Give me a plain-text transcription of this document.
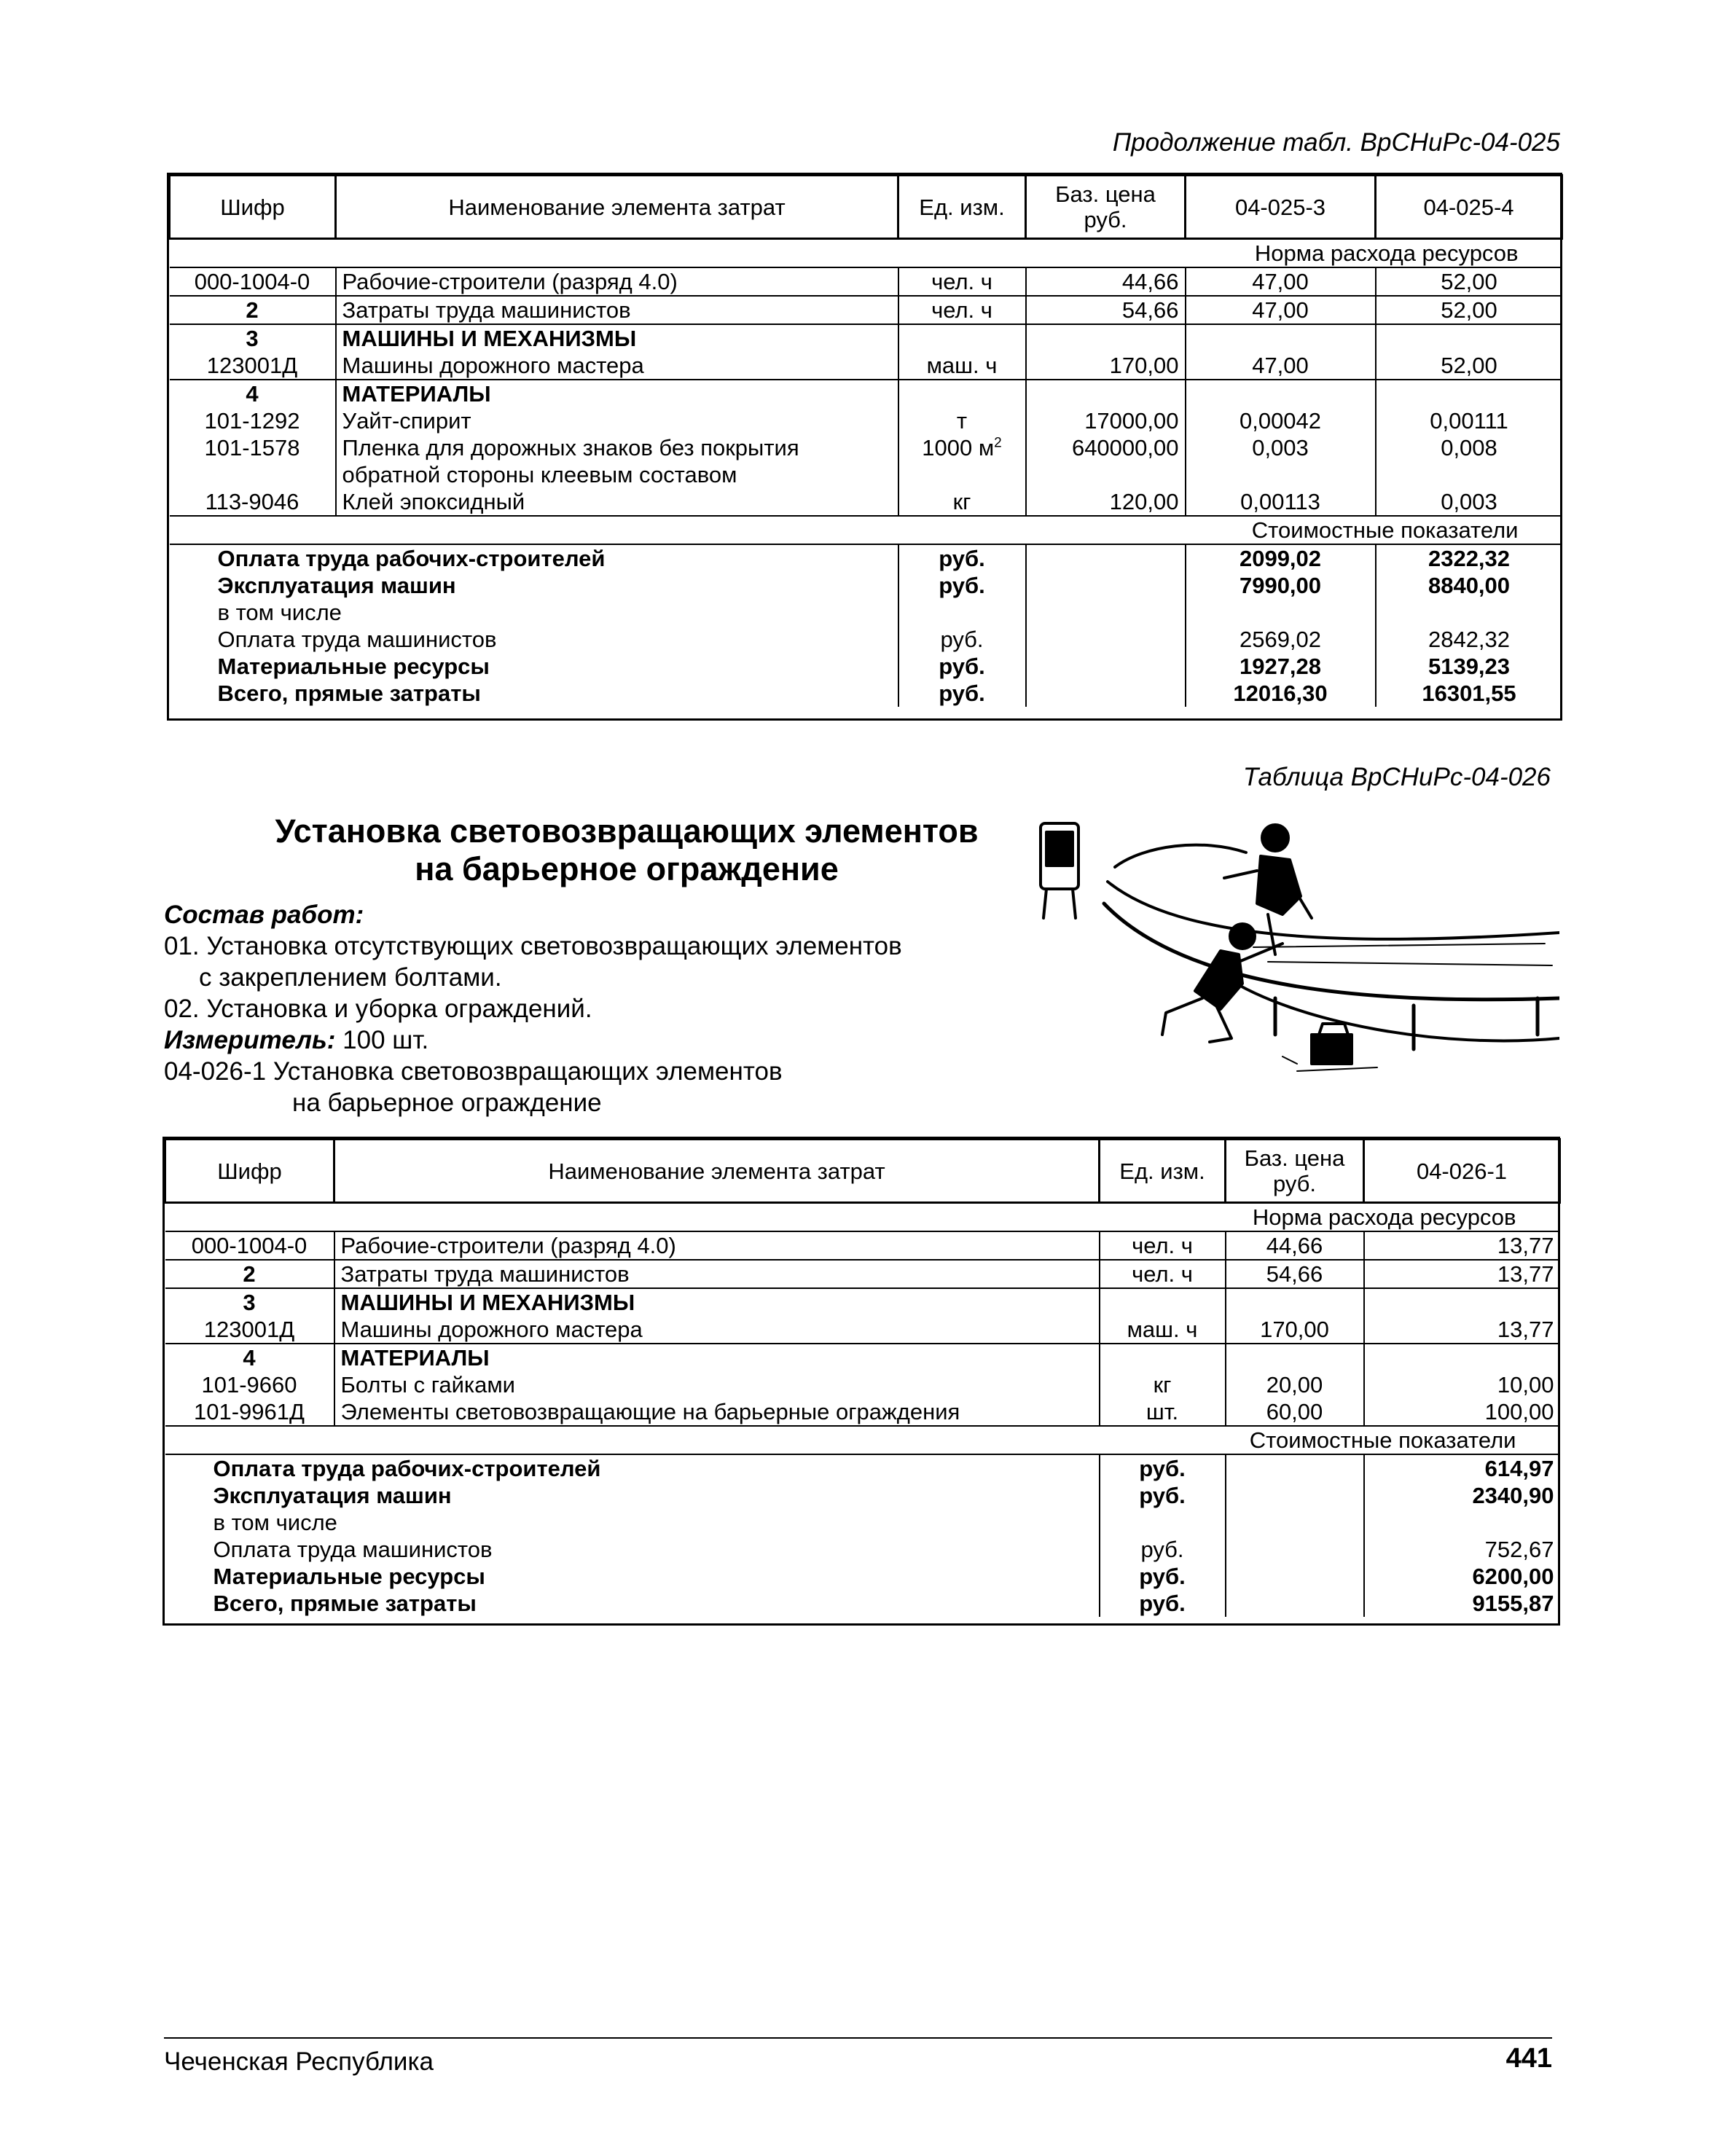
Продолжение табл. ВрСНиРс-04-025
Шифр	Наименование элемента затрат	Ед. изм.	Баз. цена руб.	04-025-3	04-025-4
Норма расхода ресурсов					
000-1004-0	Рабочие-строители (разряд 4.0)	чел. ч	44,66	47,00	52,00
2	Затраты труда машинистов	чел. ч	54,66	47,00	52,00
3	МАШИНЫ И МЕХАНИЗМЫ				
123001Д	Машины дорожного мастера	маш. ч	170,00	47,00	52,00
4	МАТЕРИАЛЫ				
101-1292	Уайт-спирит	т	17000,00	0,00042	0,00111
101-1578	Пленка для дорожных знаков без покрытия
обратной стороны клеевым составом	1000 $м^2$	640000,00	0,003	0,008
113-9046	Клей эпоксидный	кг	120,00	0,00113	0,003
Стоимостные показатели					
Оплата труда рабочих-строителей		руб.		2099,02	2322,32
Эксплуатация машин		руб.		7990,00	8840,00
в том числе					
Оплата труда машинистов		руб.		2569,02	2842,32
Материальные ресурсы		руб.		1927,28	5139,23
Всего, прямые затраты		руб.		12016,30	16301,55
Таблица ВрСНиРс-04-026
Установка световозвращающих элементов
на барьерное ограждение
Состав работ:
01. Установка отсутствующих световозвращающих элементов
с закреплением болтами.
02. Установка и уборка ограждений.
Измеритель: 100 шт.
04-026-1 Установка световозвращающих элементов
на барьерное ограждение
Шифр	Наименование элемента затрат	Ед. изм.	Баз. цена руб.	04-026-1
Норма расхода ресурсов				
000-1004-0	Рабочие-строители (разряд 4.0)	чел. ч	44,66	13,77
2	Затраты труда машинистов	чел. ч	54,66	13,77
3	МАШИНЫ И МЕХАНИЗМЫ			
123001Д	Машины дорожного мастера	маш. ч	170,00	13,77
4	МАТЕРИАЛЫ			
101-9660	Болты с гайками	кг	20,00	10,00
101-9961Д	Элементы световозвращающие на барьерные ограждения	шт.	60,00	100,00
Стоимостные показатели				
Оплата труда рабочих-строителей		руб.		614,97
Эксплуатация машин		руб.		2340,90
в том числе				
Оплата труда машинистов		руб.		752,67
Материальные ресурсы		руб.		6200,00
Всего, прямые затраты		руб.		9155,87
Чеченская Республика	441
